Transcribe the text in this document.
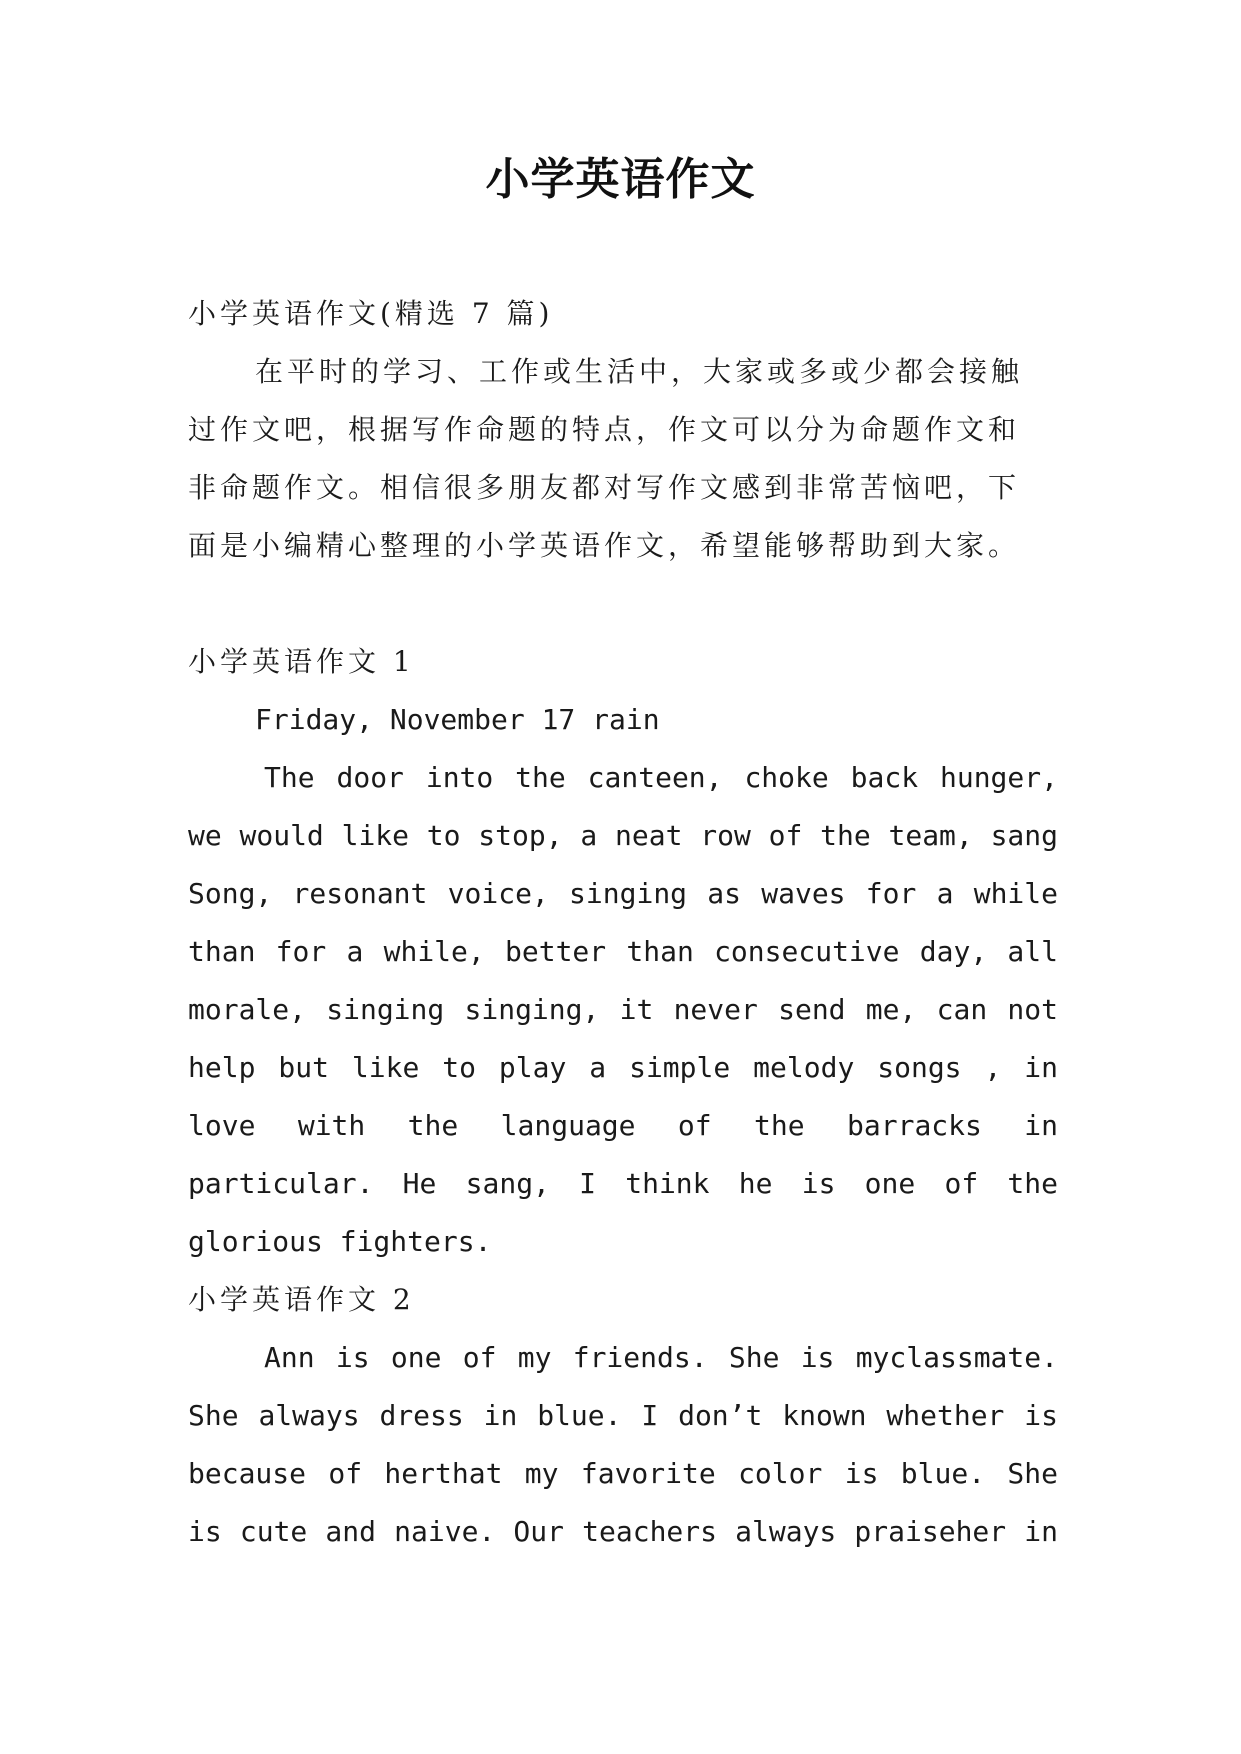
小学英语作文
小学英语作文(精选 7 篇)
在平时的学习、工作或生活中，大家或多或少都会接触
过作文吧，根据写作命题的特点，作文可以分为命题作文和
非命题作文。相信很多朋友都对写作文感到非常苦恼吧，下
面是小编精心整理的小学英语作文，希望能够帮助到大家。
小学英语作文 1
Friday, November 17 rain
The door into the canteen, choke back hunger,
we would like to stop, a neat row of the team, sang
Song, resonant voice, singing as waves for a while
than for a while, better than consecutive day, all
morale, singing singing, it never send me, can not
help but like to play a simple melody songs , in
love with the language of the barracks in
particular. He sang, I think he is one of the
glorious fighters.
小学英语作文 2
Ann is one of my friends. She is myclassmate.
She always dress in blue. I don’t known whether is
because of herthat my favorite color is blue. She
is cute and naive. Our teachers always praiseher in
